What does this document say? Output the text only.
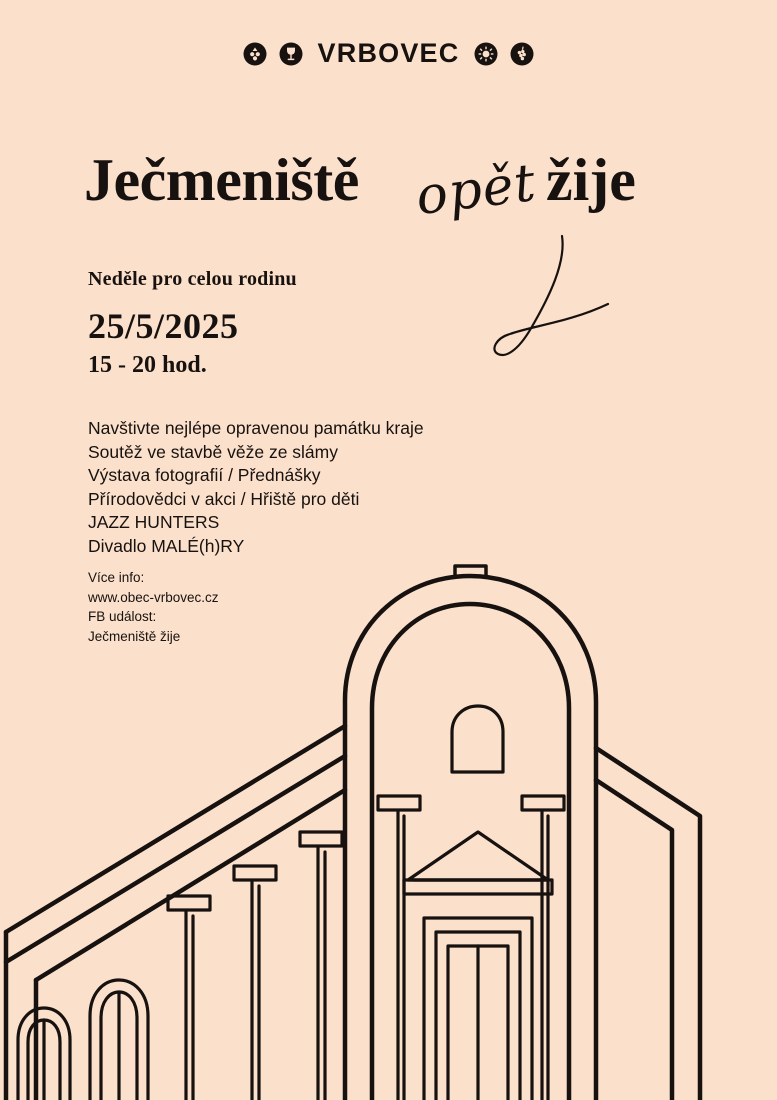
VRBOVEC
Ječmeniště opět žije
Neděle pro celou rodinu
25/5/2025
15 - 20 hod.
Navštivte nejlépe opravenou památku kraje
Soutěž ve stavbě věže ze slámy
Výstava fotografií / Přednášky
Přírodovědci v akci / Hřiště pro děti
JAZZ HUNTERS
Divadlo MALÉ(h)RY
Více info:
www.obec-vrbovec.cz
FB událost:
Ječmeniště žije
